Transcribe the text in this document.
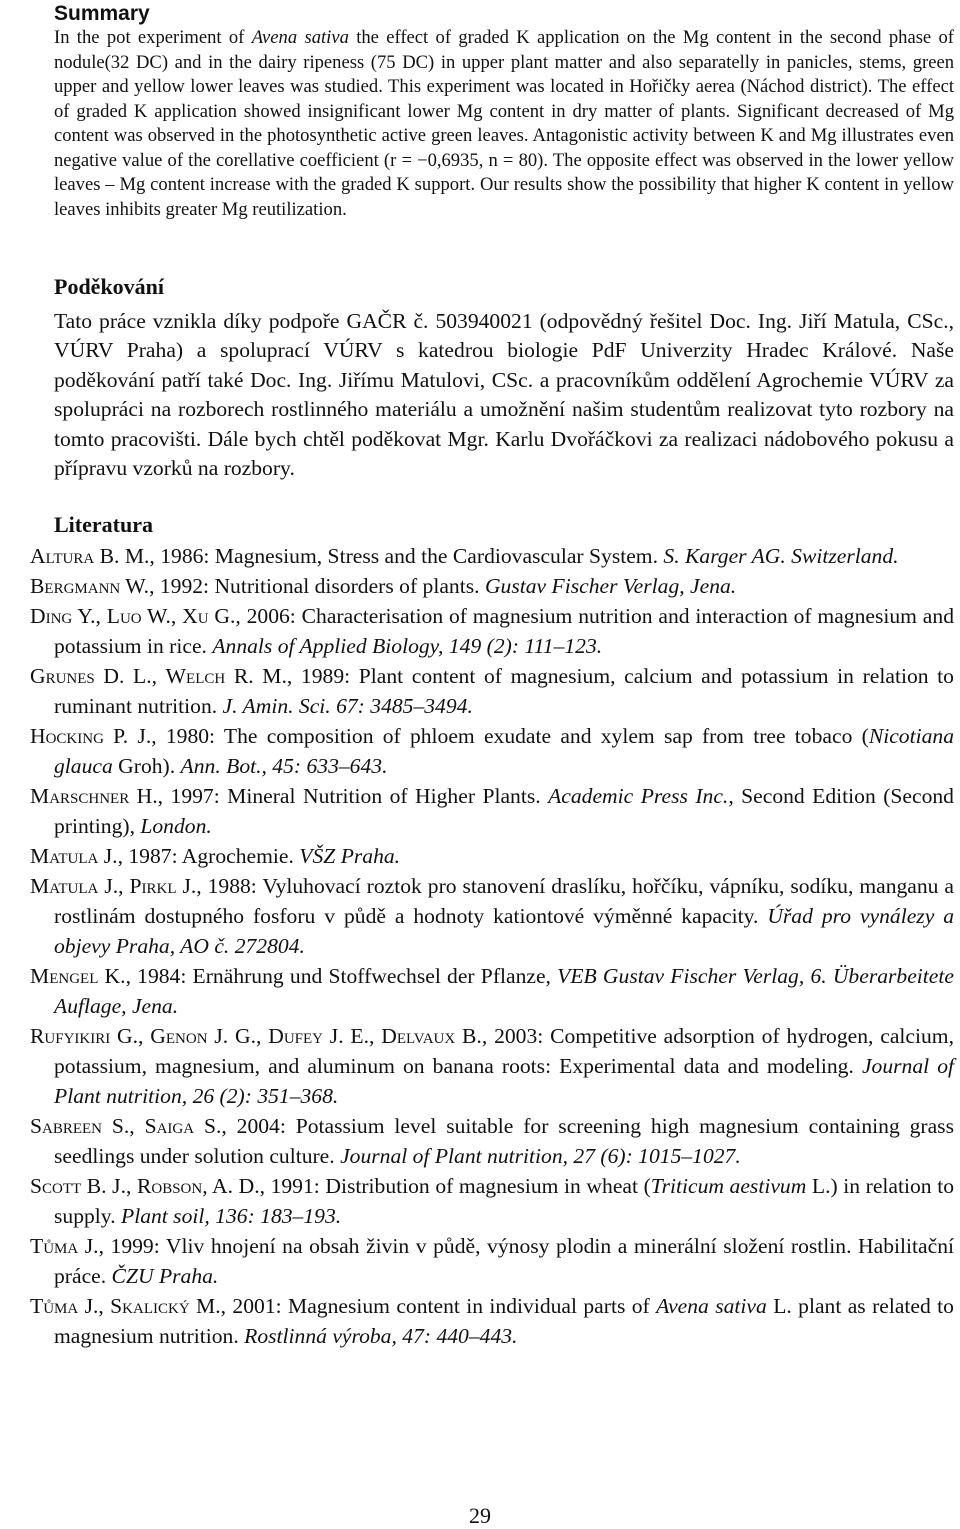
Summary

In the pot experiment of Avena sativa the effect of graded K application on the Mg content in the second phase of nodule(32 DC) and in the dairy ripeness (75 DC) in upper plant matter and also separatelly in panicles, stems, green upper and yellow lower leaves was studied. This experiment was located in Hořičky aerea (Náchod district). The effect of graded K application showed insignificant lower Mg content in dry matter of plants. Significant decreased of Mg content was observed in the photosynthetic active green leaves. Antagonistic activity between K and Mg illustrates even negative value of the corellative coefficient (r = −0,6935, n = 80). The opposite effect was observed in the lower yellow leaves – Mg content increase with the graded K support. Our results show the possibility that higher K content in yellow leaves inhibits greater Mg reutilization.

Poděkování

Tato práce vznikla díky podpoře GAČR č. 503940021 (odpovědný řešitel Doc. Ing. Jiří Matula, CSc., VÚRV Praha) a spoluprací VÚRV s katedrou biologie PdF Univerzity Hradec Králové. Naše poděkování patří také Doc. Ing. Jiřímu Matulovi, CSc. a pracovníkům oddělení Agrochemie VÚRV za spolupráci na rozborech rostlinného materiálu a umožnění našim studentům realizovat tyto rozbory na tomto pracovišti. Dále bych chtěl poděkovat Mgr. Karlu Dvořáčkovi za realizaci nádobového pokusu a přípravu vzorků na rozbory.

Literatura

Altura B. M., 1986: Magnesium, Stress and the Cardiovascular System. S. Karger AG. Switzerland.

Bergmann W., 1992: Nutritional disorders of plants. Gustav Fischer Verlag, Jena.

Ding Y., Luo W., Xu G., 2006: Characterisation of magnesium nutrition and interaction of magnesium and potassium in rice. Annals of Applied Biology, 149 (2): 111–123.

Grunes D. L., Welch R. M., 1989: Plant content of magnesium, calcium and potassium in relation to ruminant nutrition. J. Amin. Sci. 67: 3485–3494.

Hocking P. J., 1980: The composition of phloem exudate and xylem sap from tree tobaco (Nicotiana glauca Groh). Ann. Bot., 45: 633–643.

Marschner H., 1997: Mineral Nutrition of Higher Plants. Academic Press Inc., Second Edition (Second printing), London.

Matula J., 1987: Agrochemie. VŠZ Praha.

Matula J., Pirkl J., 1988: Vyluhovací roztok pro stanovení draslíku, hořčíku, vápníku, sodíku, manganu a rostlinám dostupného fosforu v půdě a hodnoty kationtové výměnné kapacity. Úřad pro vynálezy a objevy Praha, AO č. 272804.

Mengel K., 1984: Ernährung und Stoffwechsel der Pflanze, VEB Gustav Fischer Verlag, 6. Überarbeitete Auflage, Jena.

Rufyikiri G., Genon J. G., Dufey J. E., Delvaux B., 2003: Competitive adsorption of hydrogen, calcium, potassium, magnesium, and aluminum on banana roots: Experimental data and modeling. Journal of Plant nutrition, 26 (2): 351–368.

Sabreen S., Saiga S., 2004: Potassium level suitable for screening high magnesium containing grass seedlings under solution culture. Journal of Plant nutrition, 27 (6): 1015–1027.

Scott B. J., Robson, A. D., 1991: Distribution of magnesium in wheat (Triticum aestivum L.) in relation to supply. Plant soil, 136: 183–193.

Tůma J., 1999: Vliv hnojení na obsah živin v půdě, výnosy plodin a minerální složení rostlin. Habilitační práce. ČZU Praha.

Tůma J., Skalický M., 2001: Magnesium content in individual parts of Avena sativa L. plant as related to magnesium nutrition. Rostlinná výroba, 47: 440–443.

29
